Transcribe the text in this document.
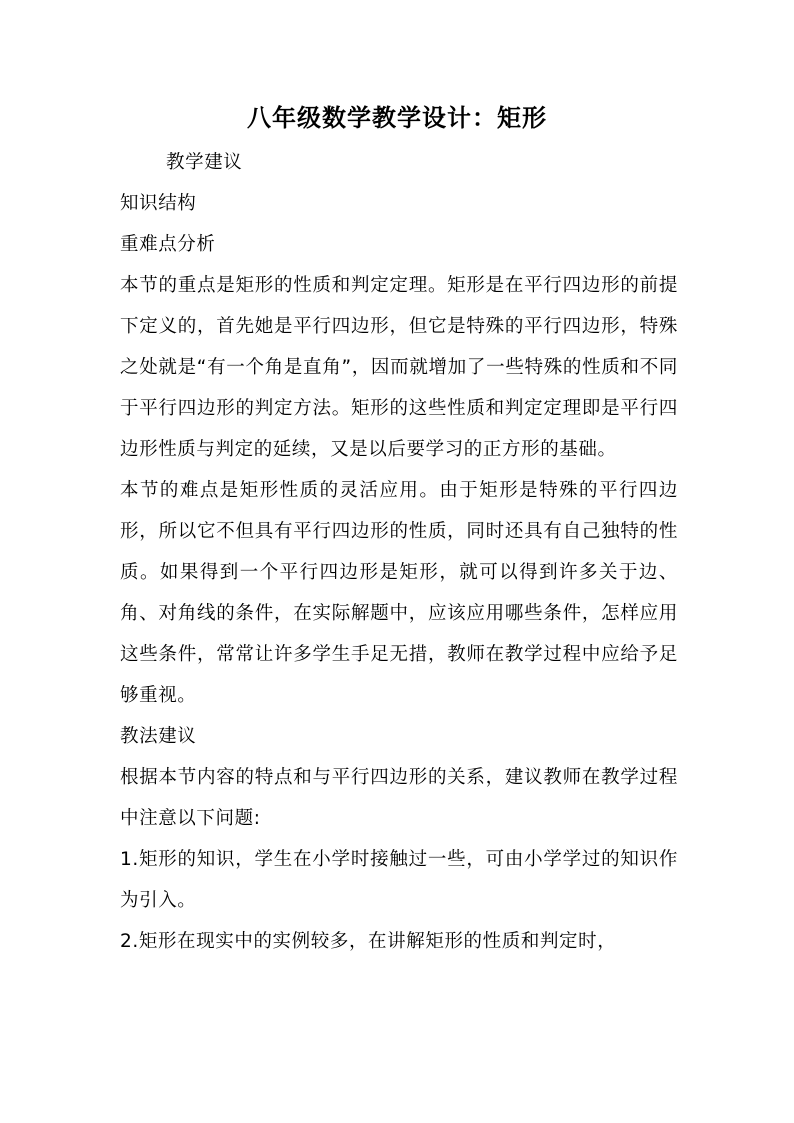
八年级数学教学设计：矩形

教学建议

知识结构

重难点分析

本节的重点是矩形的性质和判定定理。矩形是在平行四边形的前提下定义的，首先她是平行四边形，但它是特殊的平行四边形，特殊之处就是“有一个角是直角”，因而就增加了一些特殊的性质和不同于平行四边形的判定方法。矩形的这些性质和判定定理即是平行四边形性质与判定的延续，又是以后要学习的正方形的基础。

本节的难点是矩形性质的灵活应用。由于矩形是特殊的平行四边形，所以它不但具有平行四边形的性质，同时还具有自己独特的性质。如果得到一个平行四边形是矩形，就可以得到许多关于边、角、对角线的条件，在实际解题中，应该应用哪些条件，怎样应用这些条件，常常让许多学生手足无措，教师在教学过程中应给予足够重视。

教法建议

根据本节内容的特点和与平行四边形的关系，建议教师在教学过程中注意以下问题:

1.矩形的知识，学生在小学时接触过一些，可由小学学过的知识作为引入。

2.矩形在现实中的实例较多，在讲解矩形的性质和判定时，
